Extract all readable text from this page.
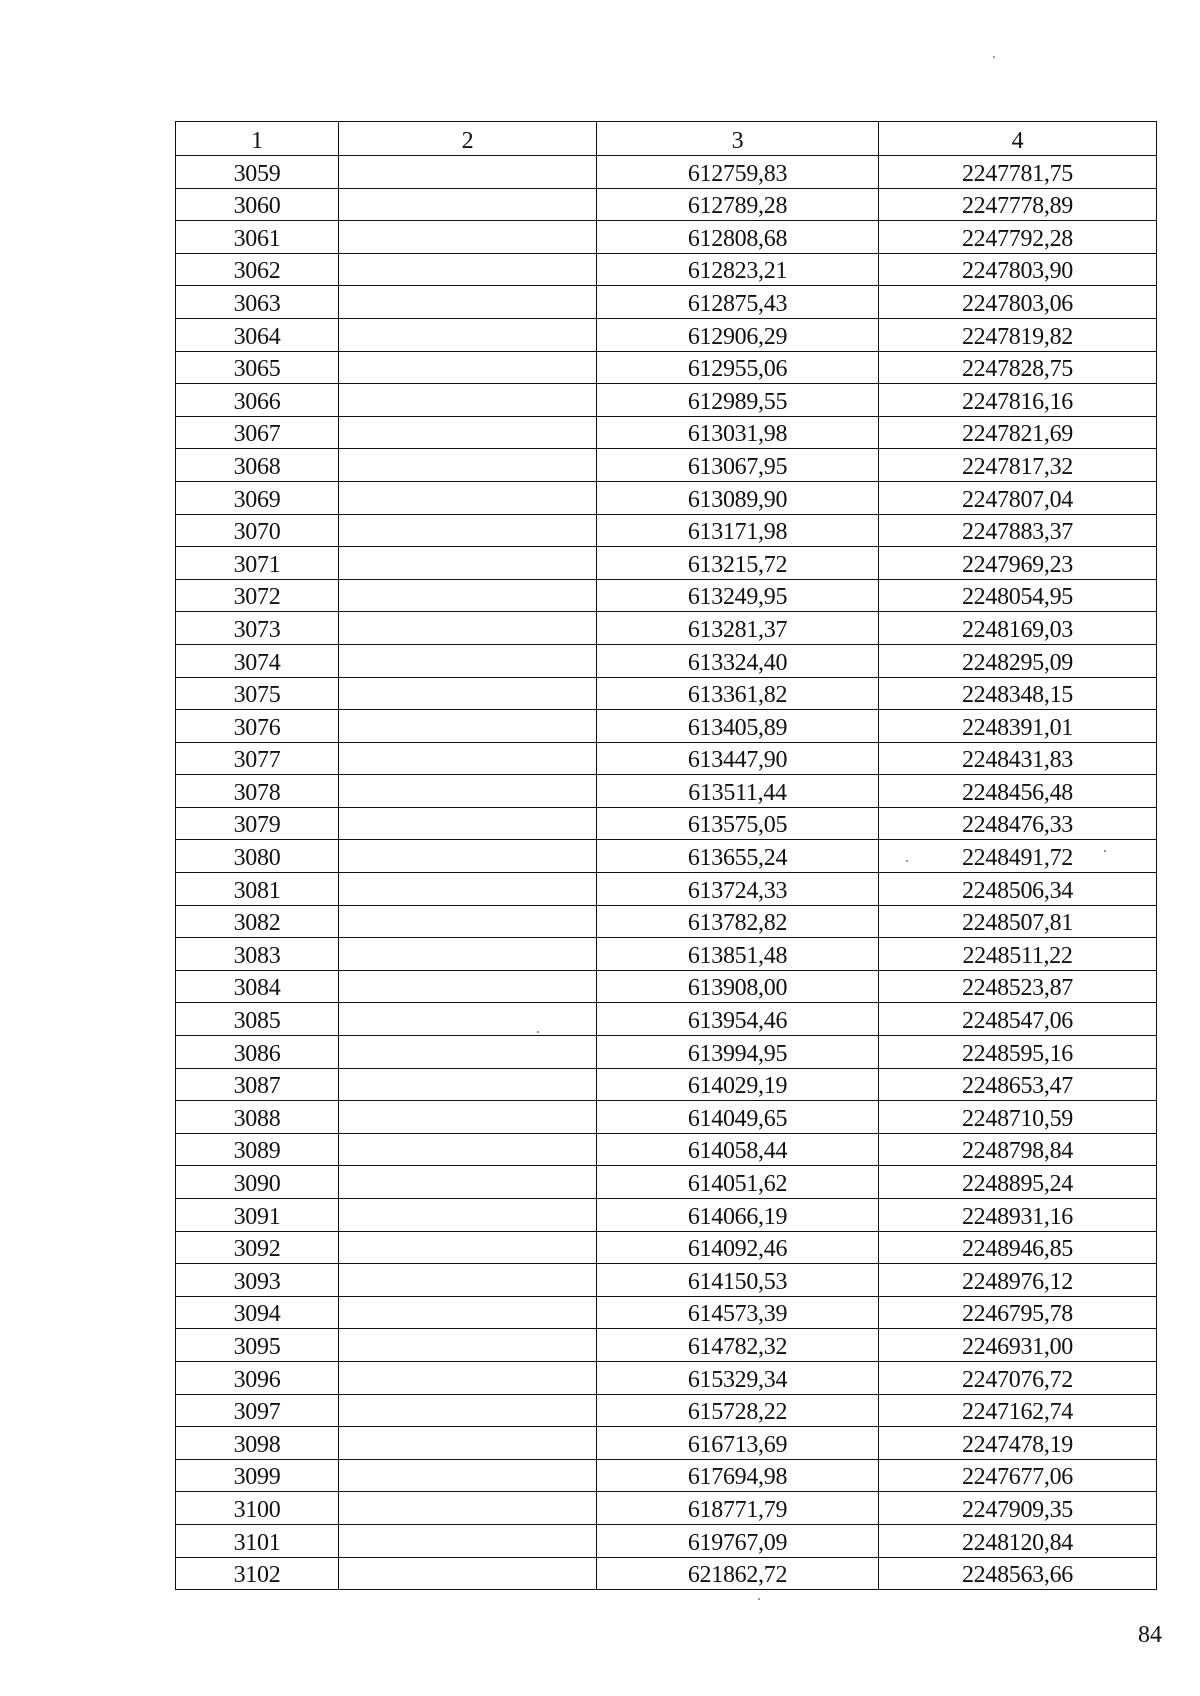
1	2	3	4
3059		612759,83	2247781,75
3060		612789,28	2247778,89
3061		612808,68	2247792,28
3062		612823,21	2247803,90
3063		612875,43	2247803,06
3064		612906,29	2247819,82
3065		612955,06	2247828,75
3066		612989,55	2247816,16
3067		613031,98	2247821,69
3068		613067,95	2247817,32
3069		613089,90	2247807,04
3070		613171,98	2247883,37
3071		613215,72	2247969,23
3072		613249,95	2248054,95
3073		613281,37	2248169,03
3074		613324,40	2248295,09
3075		613361,82	2248348,15
3076		613405,89	2248391,01
3077		613447,90	2248431,83
3078		613511,44	2248456,48
3079		613575,05	2248476,33
3080		613655,24	2248491,72
3081		613724,33	2248506,34
3082		613782,82	2248507,81
3083		613851,48	2248511,22
3084		613908,00	2248523,87
3085		613954,46	2248547,06
3086		613994,95	2248595,16
3087		614029,19	2248653,47
3088		614049,65	2248710,59
3089		614058,44	2248798,84
3090		614051,62	2248895,24
3091		614066,19	2248931,16
3092		614092,46	2248946,85
3093		614150,53	2248976,12
3094		614573,39	2246795,78
3095		614782,32	2246931,00
3096		615329,34	2247076,72
3097		615728,22	2247162,74
3098		616713,69	2247478,19
3099		617694,98	2247677,06
3100		618771,79	2247909,35
3101		619767,09	2248120,84
3102		621862,72	2248563,66
84
